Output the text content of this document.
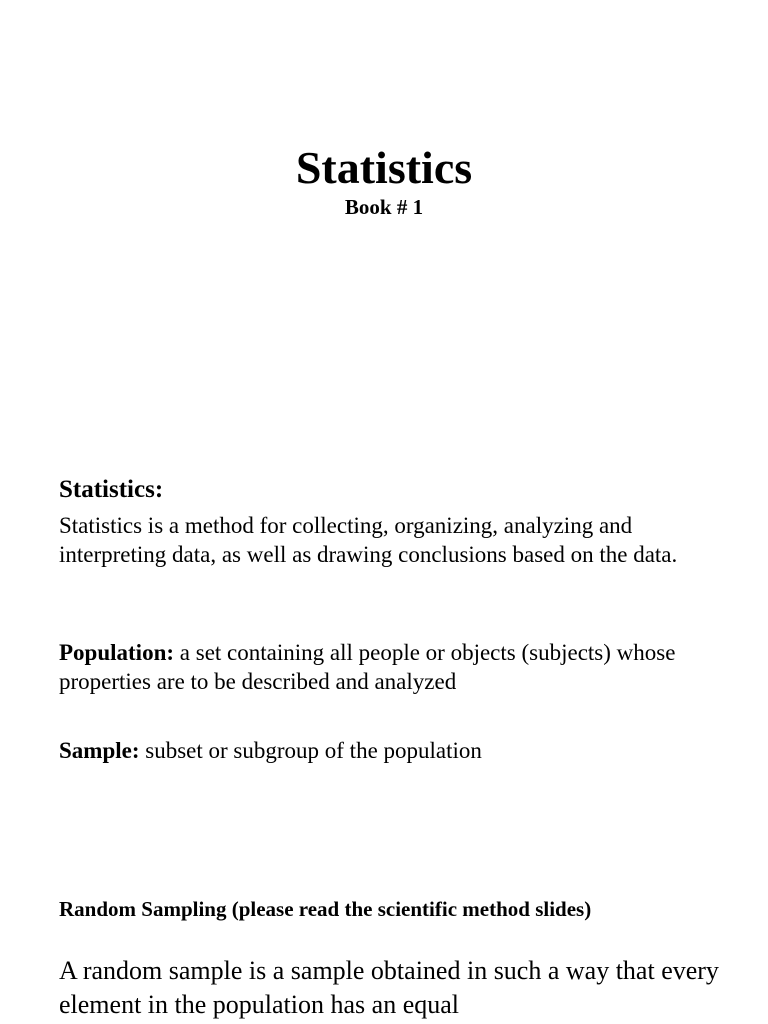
Statistics
Book # 1
Statistics:

Statistics is a method for collecting, organizing, analyzing and interpreting data, as well as drawing conclusions based on the data.

Population: a set containing all people or objects (subjects) whose properties are to be described and analyzed

Sample: subset or subgroup of the population

Random Sampling (please read the scientific method slides)

A random sample is a sample obtained in such a way that every element in the population has an equal
